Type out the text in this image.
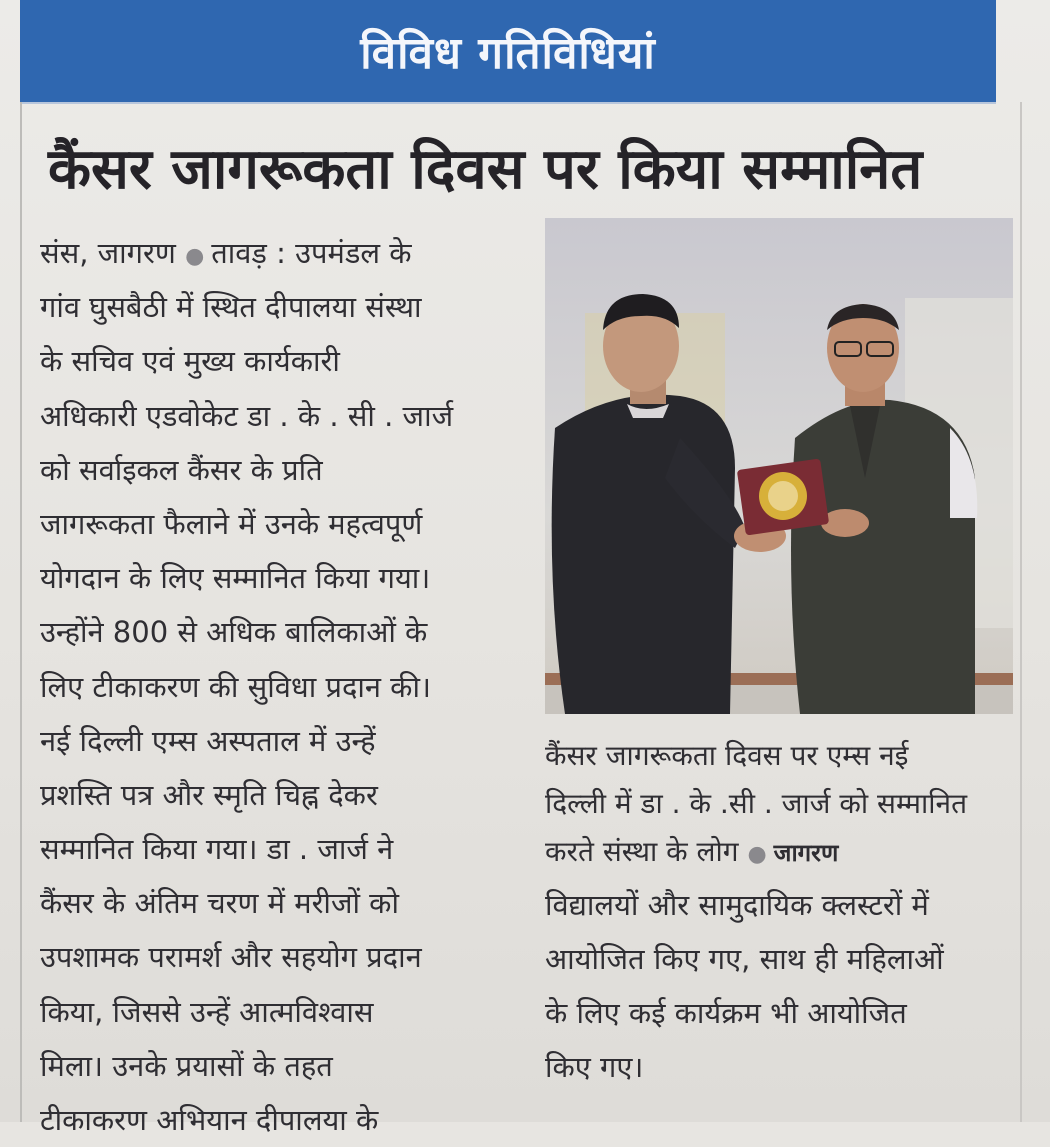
विविध गतिविधियां
कैंसर जागरूकता दिवस पर किया सम्मानित
संस, जागरण ● तावड़ : उपमंडल के
गांव घुसबैठी में स्थित दीपालया संस्था
के सचिव एवं मुख्य कार्यकारी
अधिकारी एडवोकेट डा . के . सी . जार्ज
को सर्वाइकल कैंसर के प्रति
जागरूकता फैलाने में उनके महत्वपूर्ण
योगदान के लिए सम्मानित किया गया।
उन्होंने 800 से अधिक बालिकाओं के
लिए टीकाकरण की सुविधा प्रदान की।
नई दिल्ली एम्स अस्पताल में उन्हें
प्रशस्ति पत्र और स्मृति चिह्न देकर
सम्मानित किया गया। डा . जार्ज ने
कैंसर के अंतिम चरण में मरीजों को
उपशामक परामर्श और सहयोग प्रदान
किया, जिससे उन्हें आत्मविश्वास
मिला। उनके प्रयासों के तहत
टीकाकरण अभियान दीपालया के
कैंसर जागरूकता दिवस पर एम्स नई
दिल्ली में डा . के .सी . जार्ज को सम्मानित
करते संस्था के लोग ● जागरण
विद्यालयों और सामुदायिक क्लस्टरों में
आयोजित किए गए, साथ ही महिलाओं
के लिए कई कार्यक्रम भी आयोजित
किए गए।
